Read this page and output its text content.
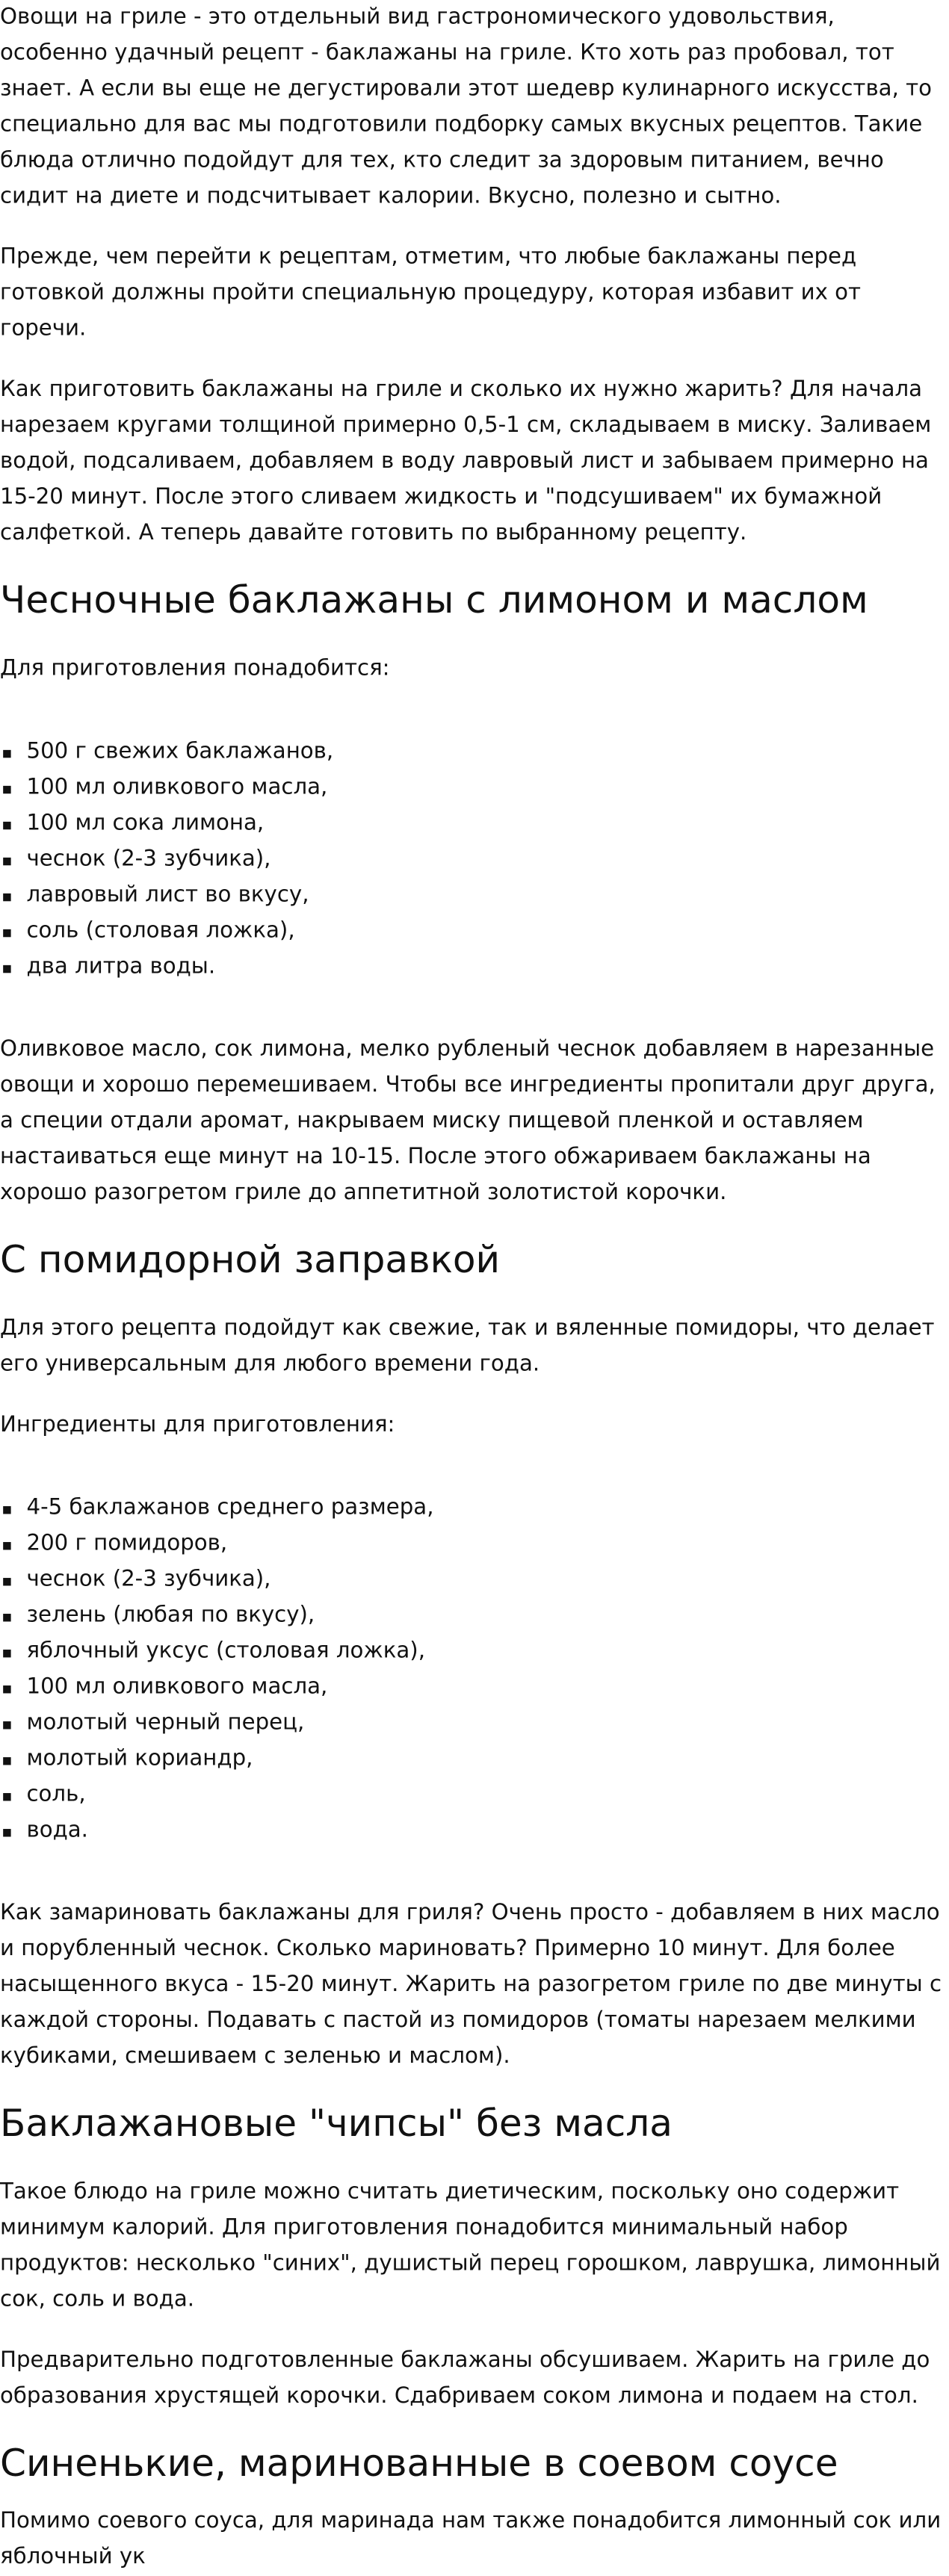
Овощи на гриле - это отдельный вид гастрономического удовольствия, особенно удачный рецепт - баклажаны на гриле. Кто хоть раз пробовал, тот знает. А если вы еще не дегустировали этот шедевр кулинарного искусства, то специально для вас мы подготовили подборку самых вкусных рецептов. Такие блюда отлично подойдут для тех, кто следит за здоровым питанием, вечно сидит на диете и подсчитывает калории. Вкусно, полезно и сытно.

Прежде, чем перейти к рецептам, отметим, что любые баклажаны перед готовкой должны пройти специальную процедуру, которая избавит их от горечи.

Как приготовить баклажаны на гриле и сколько их нужно жарить? Для начала нарезаем кругами толщиной примерно 0,5-1 см, складываем в миску. Заливаем водой, подсаливаем, добавляем в воду лавровый лист и забываем примерно на 15-20 минут. После этого сливаем жидкость и "подсушиваем" их бумажной салфеткой. А теперь давайте готовить по выбранному рецепту.

Чесночные баклажаны с лимоном и маслом

Для приготовления понадобится:

500 г свежих баклажанов,
100 мл оливкового масла,
100 мл сока лимона,
чеснок (2-3 зубчика),
лавровый лист во вкусу,
соль (столовая ложка),
два литра воды.

Оливковое масло, сок лимона, мелко рубленый чеснок добавляем в нарезанные овощи и хорошо перемешиваем. Чтобы все ингредиенты пропитали друг друга, а специи отдали аромат, накрываем миску пищевой пленкой и оставляем настаиваться еще минут на 10-15. После этого обжариваем баклажаны на хорошо разогретом гриле до аппетитной золотистой корочки.

С помидорной заправкой

Для этого рецепта подойдут как свежие, так и вяленные помидоры, что делает его универсальным для любого времени года.

Ингредиенты для приготовления:

4-5 баклажанов среднего размера,
200 г помидоров,
чеснок (2-3 зубчика),
зелень (любая по вкусу),
яблочный уксус (столовая ложка),
100 мл оливкового масла,
молотый черный перец,
молотый кориандр,
соль,
вода.

Как замариновать баклажаны для гриля? Очень просто - добавляем в них масло и порубленный чеснок. Сколько мариновать? Примерно 10 минут. Для более насыщенного вкуса - 15-20 минут. Жарить на разогретом гриле по две минуты с каждой стороны. Подавать с пастой из помидоров (томаты нарезаем мелкими кубиками, смешиваем с зеленью и маслом).

Баклажановые "чипсы" без масла

Такое блюдо на гриле можно считать диетическим, поскольку оно содержит минимум калорий. Для приготовления понадобится минимальный набор продуктов: несколько "синих", душистый перец горошком, лаврушка, лимонный сок, соль и вода.

Предварительно подготовленные баклажаны обсушиваем. Жарить на гриле до образования хрустящей корочки. Сдабриваем соком лимона и подаем на стол.

Синенькие, маринованные в соевом соусе

Помимо соевого соуса, для маринада нам также понадобится лимонный сок или яблочный ук
